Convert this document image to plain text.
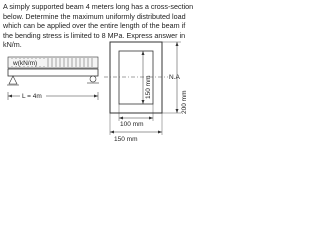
A simply supported beam 4 meters long has a cross-section below. Determine the maximum uniformly distributed load which can be applied over the entire length of the beam if the bending stress is limited to 8 MPa. Express answer in kN/m.

w(kN/m)
L = 4m
N.A
150 mm
200 mm
100 mm
150 mm
